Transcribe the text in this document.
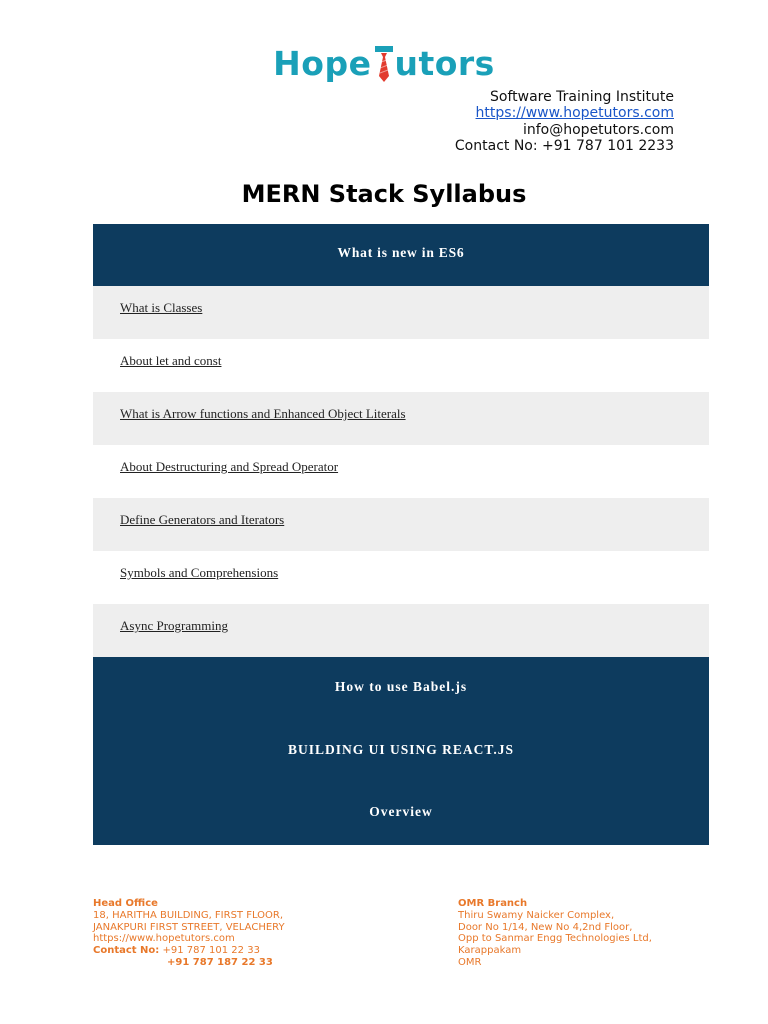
Hope utors
Software Training Institute
https://www.hopetutors.com
info@hopetutors.com
Contact No: +91 787 101 2233
MERN Stack Syllabus
What is new in ES6
What is Classes
About let and const
What is Arrow functions and Enhanced Object Literals
About Destructuring and Spread Operator
Define Generators and Iterators
Symbols and Comprehensions
Async Programming
How to use Babel.js
BUILDING UI USING REACT.JS
Overview
Head Office
18, HARITHA BUILDING, FIRST FLOOR,
JANAKPURI FIRST STREET, VELACHERY
https://www.hopetutors.com
Contact No: +91 787 101 22 33
+91 787 187 22 33
OMR Branch
Thiru Swamy Naicker Complex,
Door No 1/14, New No 4,2nd Floor,
Opp to Sanmar Engg Technologies Ltd,
Karappakam
OMR
